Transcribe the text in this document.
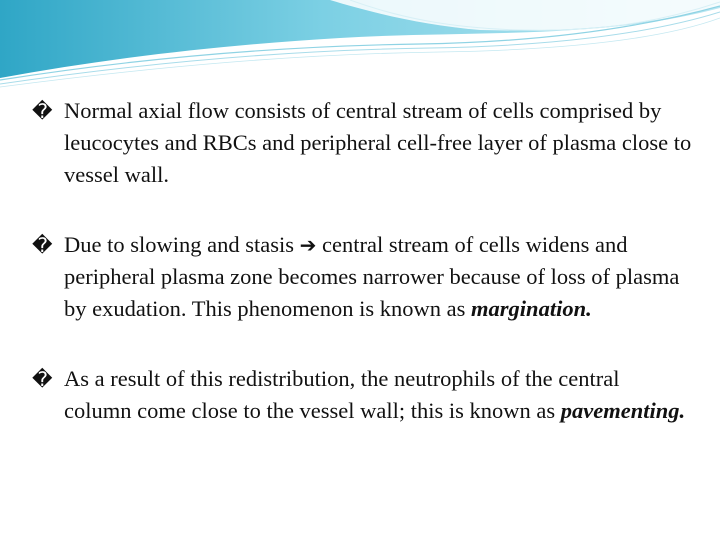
� Normal axial flow consists of central stream of cells comprised by leucocytes and RBCs and peripheral cell-free layer of plasma close to vessel wall.
� Due to slowing and stasis ➔ central stream of cells widens and peripheral plasma zone becomes narrower because of loss of plasma by exudation. This phenomenon is known as margination.
� As a result of this redistribution, the neutrophils of the central column come close to the vessel wall; this is known as pavementing.
